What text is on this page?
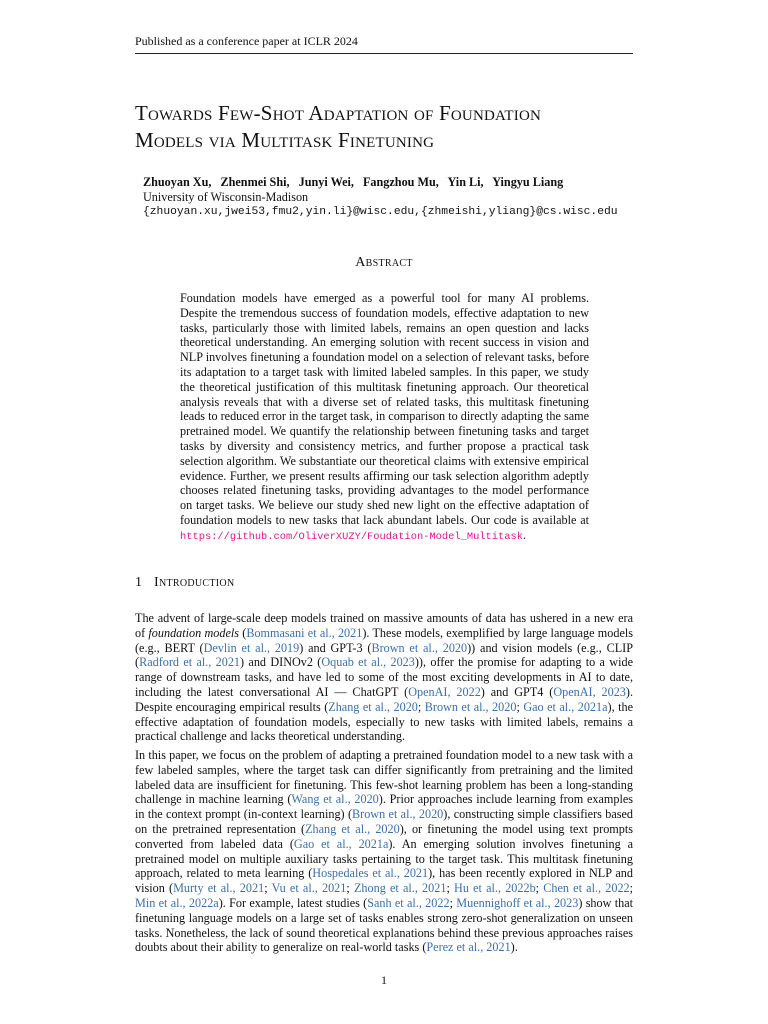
Published as a conference paper at ICLR 2024
Towards Few-Shot Adaptation of Foundation
Models via Multitask Finetuning
Zhuoyan Xu, Zhenmei Shi, Junyi Wei, Fangzhou Mu, Yin Li, Yingyu Liang
University of Wisconsin-Madison
{zhuoyan.xu,jwei53,fmu2,yin.li}@wisc.edu,{zhmeishi,yliang}@cs.wisc.edu
Abstract
Foundation models have emerged as a powerful tool for many AI problems. Despite the tremendous success of foundation models, effective adaptation to new tasks, particularly those with limited labels, remains an open question and lacks theoretical understanding. An emerging solution with recent success in vision and NLP involves finetuning a foundation model on a selection of relevant tasks, before its adaptation to a target task with limited labeled samples. In this paper, we study the theoretical justification of this multitask finetuning approach. Our theoretical analysis reveals that with a diverse set of related tasks, this multitask finetuning leads to reduced error in the target task, in comparison to directly adapting the same pretrained model. We quantify the relationship between finetuning tasks and target tasks by diversity and consistency metrics, and further propose a practical task selection algorithm. We substantiate our theoretical claims with extensive empirical evidence. Further, we present results affirming our task selection algorithm adeptly chooses related finetuning tasks, providing advantages to the model performance on target tasks. We believe our study shed new light on the effective adaptation of foundation models to new tasks that lack abundant labels. Our code is available at https://github.com/OliverXUZY/Foudation-Model_Multitask.
1 Introduction

The advent of large-scale deep models trained on massive amounts of data has ushered in a new era of foundation models (Bommasani et al., 2021). These models, exemplified by large language models (e.g., BERT (Devlin et al., 2019) and GPT-3 (Brown et al., 2020)) and vision models (e.g., CLIP (Radford et al., 2021) and DINOv2 (Oquab et al., 2023)), offer the promise for adapting to a wide range of downstream tasks, and have led to some of the most exciting developments in AI to date, including the latest conversational AI — ChatGPT (OpenAI, 2022) and GPT4 (OpenAI, 2023). Despite encouraging empirical results (Zhang et al., 2020; Brown et al., 2020; Gao et al., 2021a), the effective adaptation of foundation models, especially to new tasks with limited labels, remains a practical challenge and lacks theoretical understanding.

In this paper, we focus on the problem of adapting a pretrained foundation model to a new task with a few labeled samples, where the target task can differ significantly from pretraining and the limited labeled data are insufficient for finetuning. This few-shot learning problem has been a long-standing challenge in machine learning (Wang et al., 2020). Prior approaches include learning from examples in the context prompt (in-context learning) (Brown et al., 2020), constructing simple classifiers based on the pretrained representation (Zhang et al., 2020), or finetuning the model using text prompts converted from labeled data (Gao et al., 2021a). An emerging solution involves finetuning a pretrained model on multiple auxiliary tasks pertaining to the target task. This multitask finetuning approach, related to meta learning (Hospedales et al., 2021), has been recently explored in NLP and vision (Murty et al., 2021; Vu et al., 2021; Zhong et al., 2021; Hu et al., 2022b; Chen et al., 2022; Min et al., 2022a). For example, latest studies (Sanh et al., 2022; Muennighoff et al., 2023) show that finetuning language models on a large set of tasks enables strong zero-shot generalization on unseen tasks. Nonetheless, the lack of sound theoretical explanations behind these previous approaches raises doubts about their ability to generalize on real-world tasks (Perez et al., 2021).

1
